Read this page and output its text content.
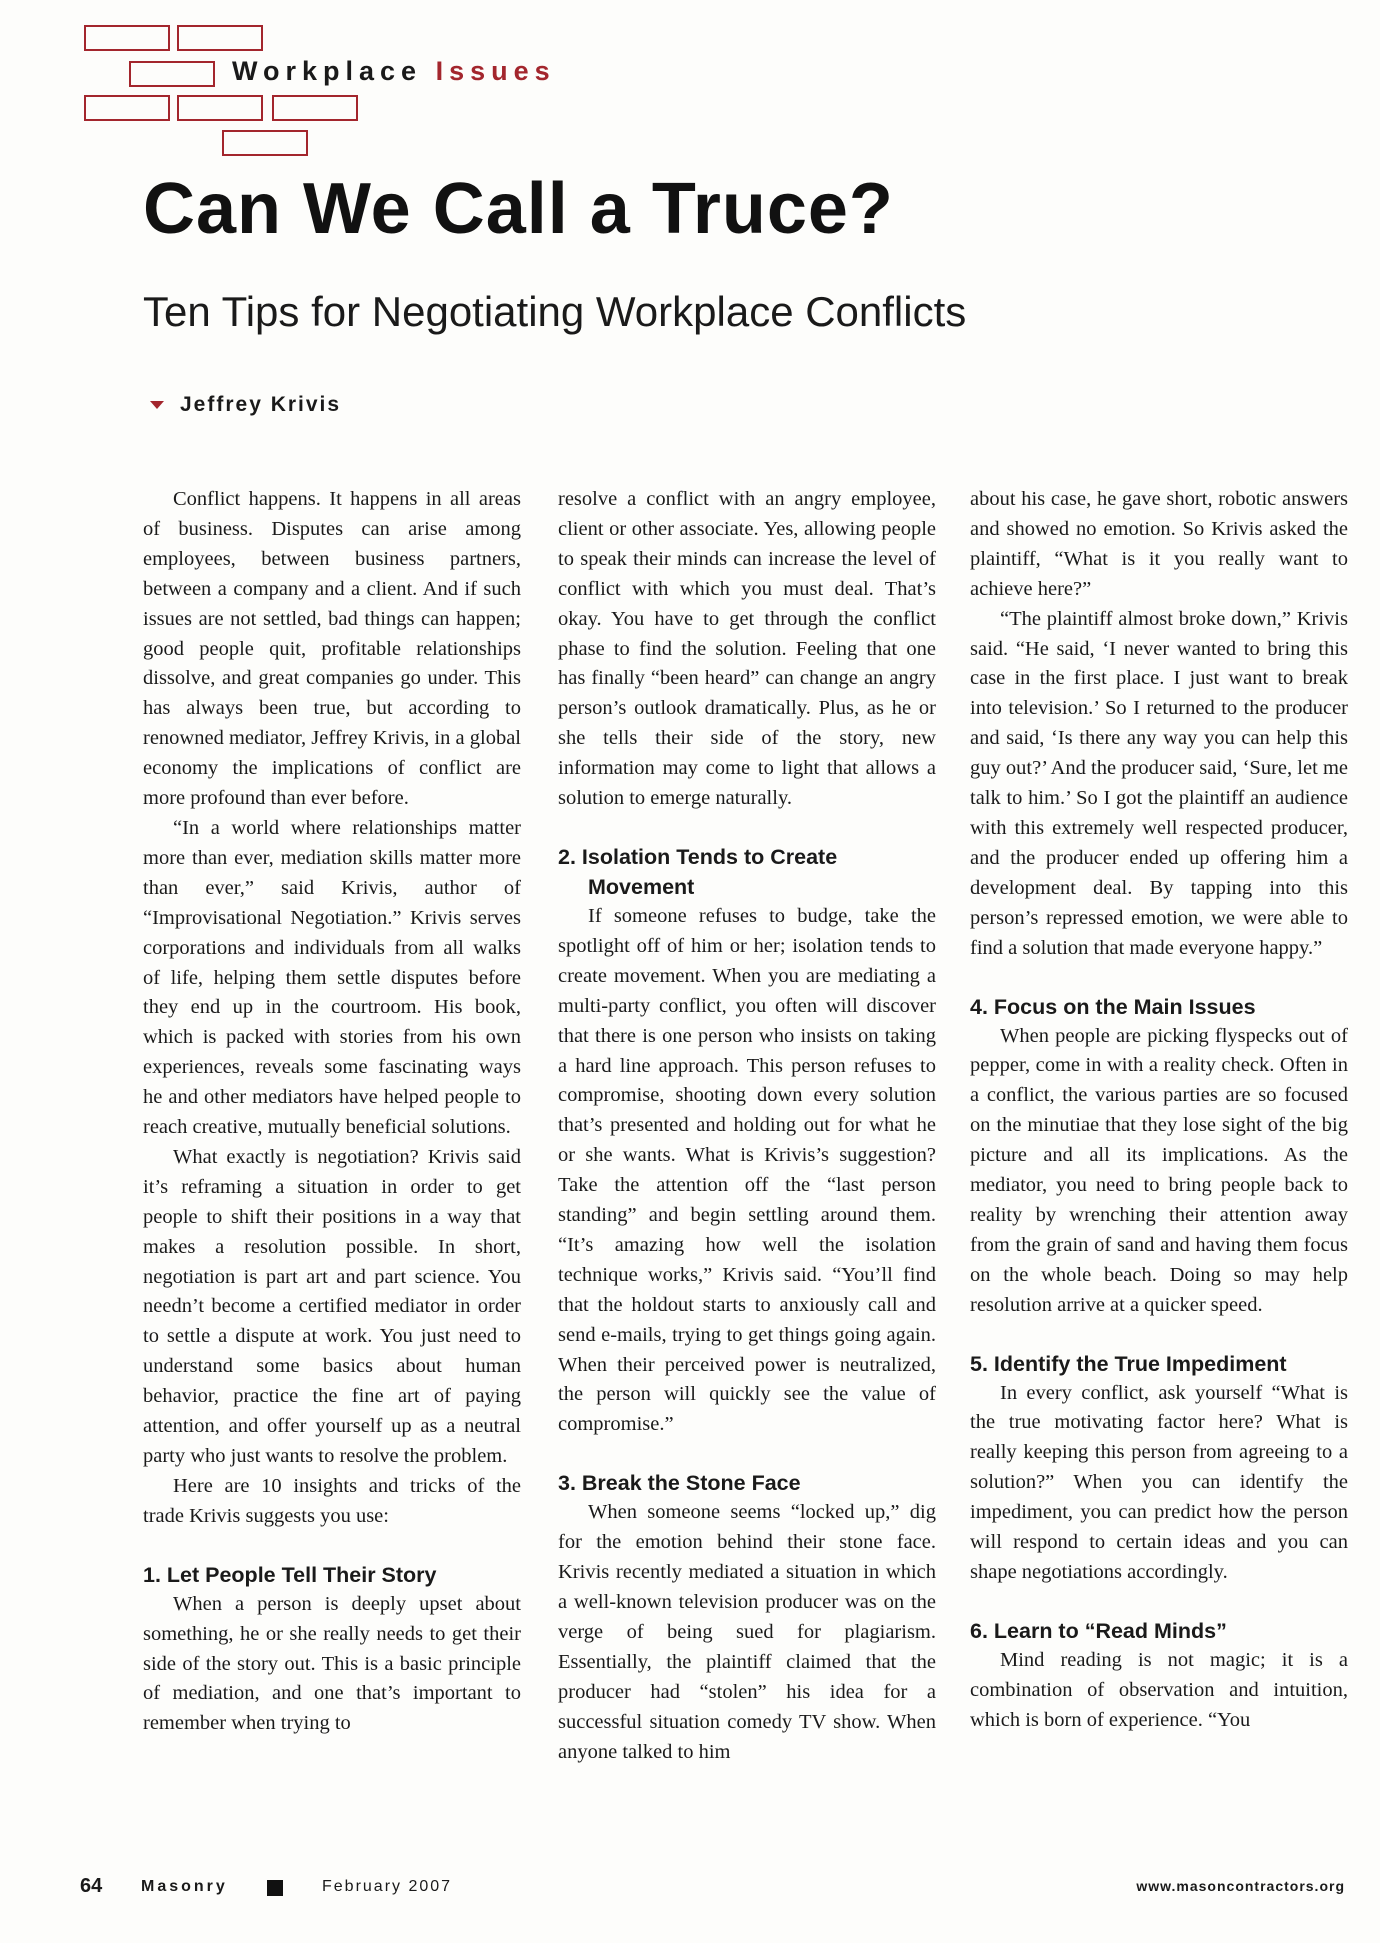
Workplace Issues
Can We Call a Truce?
Ten Tips for Negotiating Workplace Conflicts
Jeffrey Krivis

Conflict happens. It happens in all areas of business. Disputes can arise among employees, between business partners, between a company and a client. And if such issues are not settled, bad things can happen; good people quit, profitable relationships dissolve, and great companies go under. This has always been true, but according to renowned mediator, Jeffrey Krivis, in a global economy the implications of conflict are more profound than ever before.

“In a world where relationships matter more than ever, mediation skills matter more than ever,” said Krivis, author of “Improvisational Negotiation.” Krivis serves corporations and individuals from all walks of life, helping them settle disputes before they end up in the courtroom. His book, which is packed with stories from his own experiences, reveals some fascinating ways he and other mediators have helped people to reach creative, mutually beneficial solutions.

What exactly is negotiation? Krivis said it’s reframing a situation in order to get people to shift their positions in a way that makes a resolution possible. In short, negotiation is part art and part science. You needn’t become a certified mediator in order to settle a dispute at work. You just need to understand some basics about human behavior, practice the fine art of paying attention, and offer yourself up as a neutral party who just wants to resolve the problem.

Here are 10 insights and tricks of the trade Krivis suggests you use:

1. Let People Tell Their Story

When a person is deeply upset about something, he or she really needs to get their side of the story out. This is a basic principle of mediation, and one that’s important to remember when trying to

resolve a conflict with an angry employee, client or other associate. Yes, allowing people to speak their minds can increase the level of conflict with which you must deal. That’s okay. You have to get through the conflict phase to find the solution. Feeling that one has finally “been heard” can change an angry person’s outlook dramatically. Plus, as he or she tells their side of the story, new information may come to light that allows a solution to emerge naturally.

2. Isolation Tends to Create Movement

If someone refuses to budge, take the spotlight off of him or her; isolation tends to create movement. When you are mediating a multi-party conflict, you often will discover that there is one person who insists on taking a hard line approach. This person refuses to compromise, shooting down every solution that’s presented and holding out for what he or she wants. What is Krivis’s suggestion? Take the attention off the “last person standing” and begin settling around them. “It’s amazing how well the isolation technique works,” Krivis said. “You’ll find that the holdout starts to anxiously call and send e-mails, trying to get things going again. When their perceived power is neutralized, the person will quickly see the value of compromise.”

3. Break the Stone Face

When someone seems “locked up,” dig for the emotion behind their stone face. Krivis recently mediated a situation in which a well-known television producer was on the verge of being sued for plagiarism. Essentially, the plaintiff claimed that the producer had “stolen” his idea for a successful situation comedy TV show. When anyone talked to him

about his case, he gave short, robotic answers and showed no emotion. So Krivis asked the plaintiff, “What is it you really want to achieve here?”

“The plaintiff almost broke down,” Krivis said. “He said, ‘I never wanted to bring this case in the first place. I just want to break into television.’ So I returned to the producer and said, ‘Is there any way you can help this guy out?’ And the producer said, ‘Sure, let me talk to him.’ So I got the plaintiff an audience with this extremely well respected producer, and the producer ended up offering him a development deal. By tapping into this person’s repressed emotion, we were able to find a solution that made everyone happy.”

4. Focus on the Main Issues

When people are picking flyspecks out of pepper, come in with a reality check. Often in a conflict, the various parties are so focused on the minutiae that they lose sight of the big picture and all its implications. As the mediator, you need to bring people back to reality by wrenching their attention away from the grain of sand and having them focus on the whole beach. Doing so may help resolution arrive at a quicker speed.

5. Identify the True Impediment

In every conflict, ask yourself “What is the true motivating factor here? What is really keeping this person from agreeing to a solution?” When you can identify the impediment, you can predict how the person will respond to certain ideas and you can shape negotiations accordingly.

6. Learn to “Read Minds”

Mind reading is not magic; it is a combination of observation and intuition, which is born of experience. “You

64 Masonry	February 2007	www.masoncontractors.org
